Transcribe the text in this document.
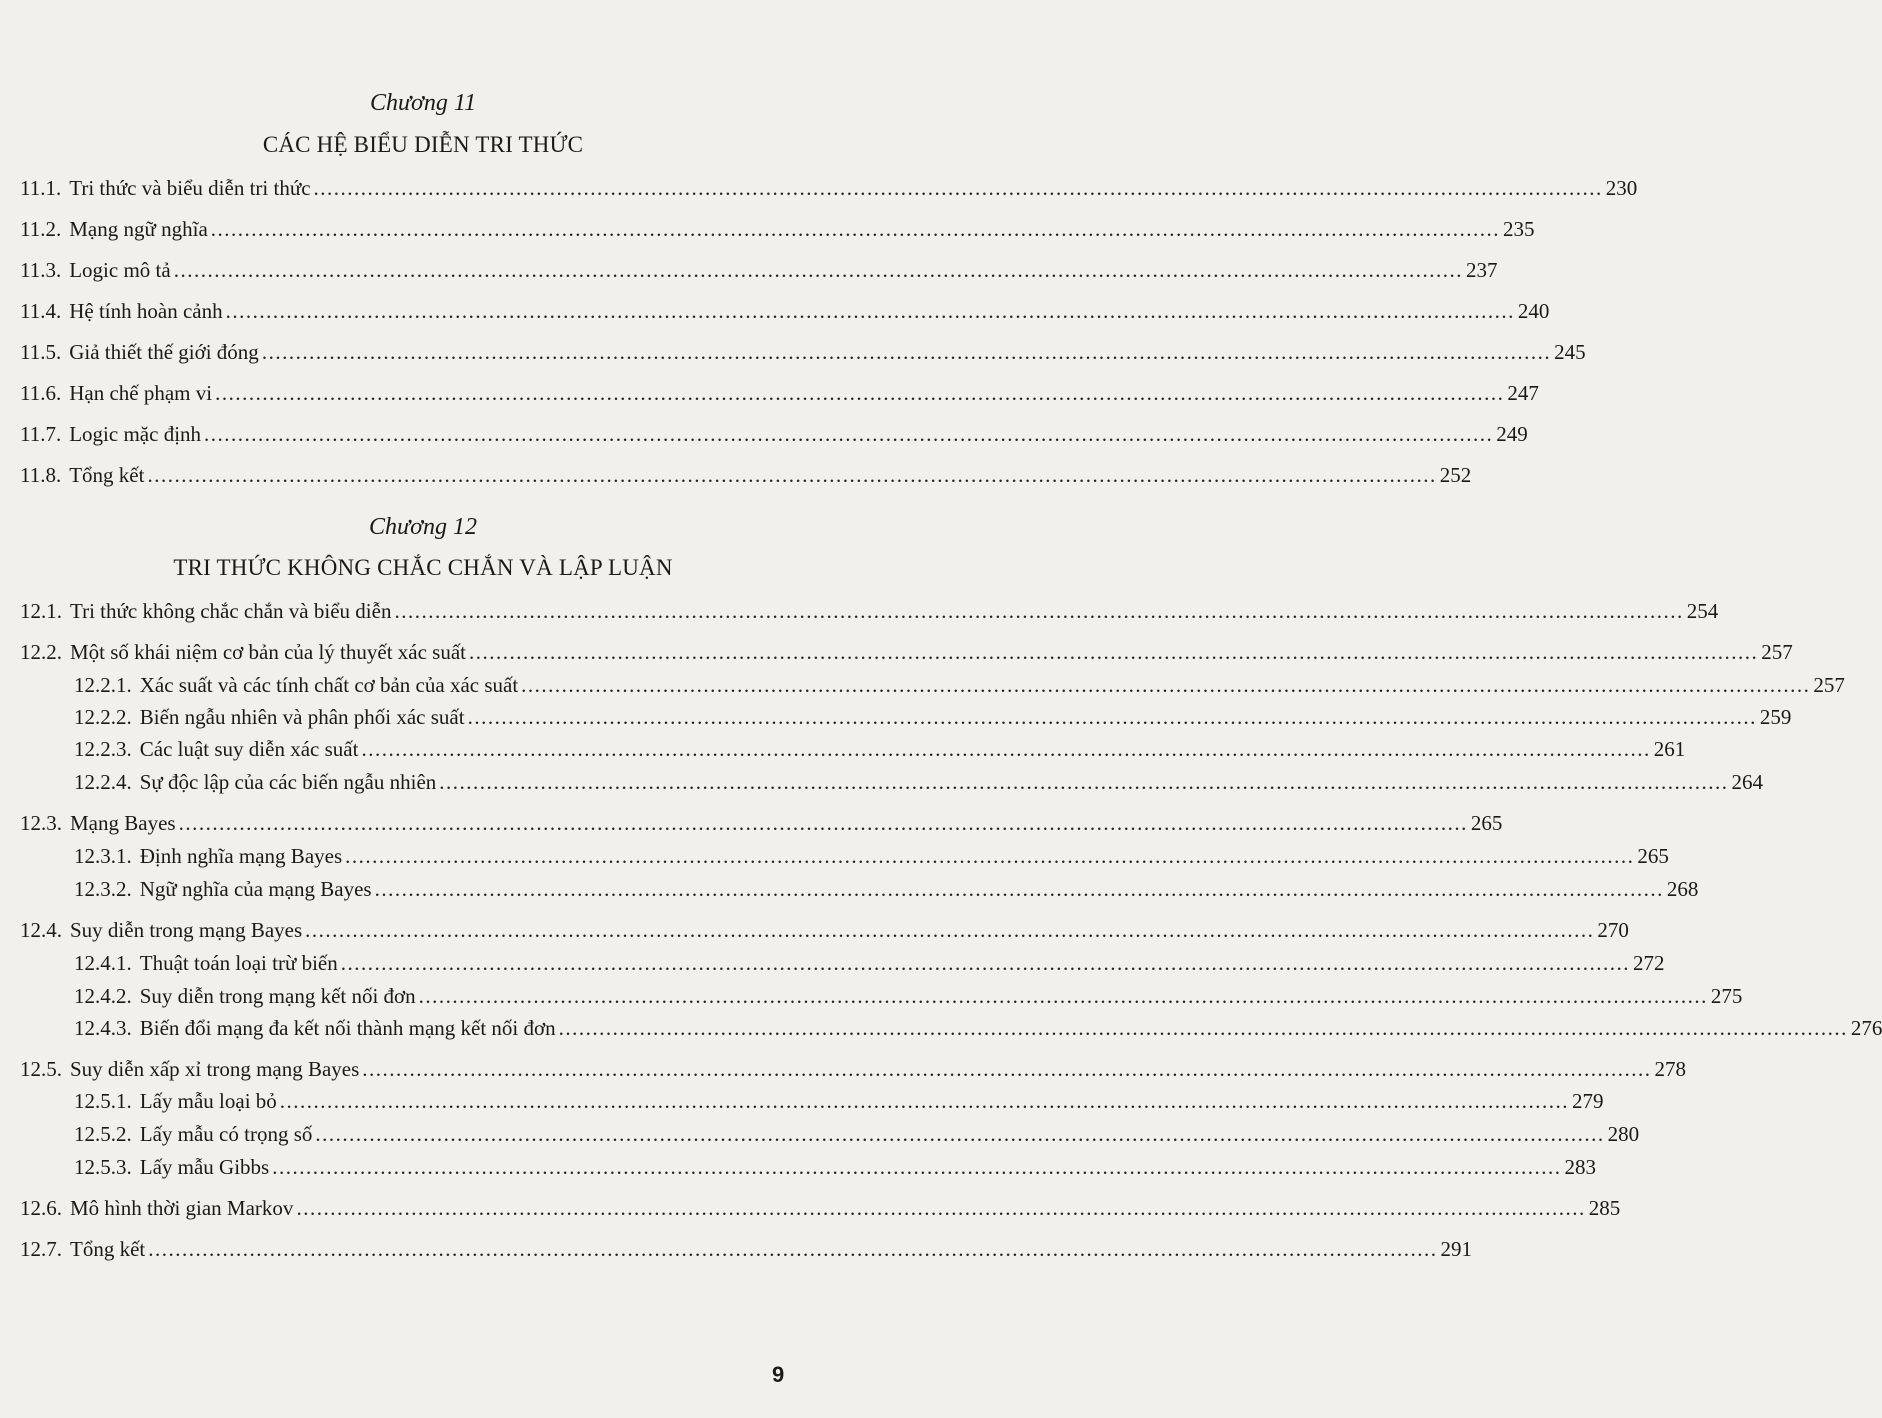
Chương 11
CÁC HỆ BIỂU DIỄN TRI THỨC
11.1. Tri thức và biểu diễn tri thức ............................................................................................................................................................................................... 230
11.2. Mạng ngữ nghĩa ............................................................................................................................................................................................... 235
11.3. Logic mô tả ............................................................................................................................................................................................... 237
11.4. Hệ tính hoàn cảnh ............................................................................................................................................................................................... 240
11.5. Giả thiết thế giới đóng ............................................................................................................................................................................................... 245
11.6. Hạn chế phạm vi ............................................................................................................................................................................................... 247
11.7. Logic mặc định ............................................................................................................................................................................................... 249
11.8. Tổng kết ............................................................................................................................................................................................... 252
Chương 12
TRI THỨC KHÔNG CHẮC CHẮN VÀ LẬP LUẬN
12.1. Tri thức không chắc chắn và biểu diễn ............................................................................................................................................................................................... 254
12.2. Một số khái niệm cơ bản của lý thuyết xác suất ............................................................................................................................................................................................... 257
12.2.1. Xác suất và các tính chất cơ bản của xác suất ............................................................................................................................................................................................... 257
12.2.2. Biến ngẫu nhiên và phân phối xác suất ............................................................................................................................................................................................... 259
12.2.3. Các luật suy diễn xác suất ............................................................................................................................................................................................... 261
12.2.4. Sự độc lập của các biến ngẫu nhiên ............................................................................................................................................................................................... 264
12.3. Mạng Bayes ............................................................................................................................................................................................... 265
12.3.1. Định nghĩa mạng Bayes ............................................................................................................................................................................................... 265
12.3.2. Ngữ nghĩa của mạng Bayes ............................................................................................................................................................................................... 268
12.4. Suy diễn trong mạng Bayes ............................................................................................................................................................................................... 270
12.4.1. Thuật toán loại trừ biến ............................................................................................................................................................................................... 272
12.4.2. Suy diễn trong mạng kết nối đơn ............................................................................................................................................................................................... 275
12.4.3. Biến đổi mạng đa kết nối thành mạng kết nối đơn ............................................................................................................................................................................................... 276
12.5. Suy diễn xấp xỉ trong mạng Bayes ............................................................................................................................................................................................... 278
12.5.1. Lấy mẫu loại bỏ ............................................................................................................................................................................................... 279
12.5.2. Lấy mẫu có trọng số ............................................................................................................................................................................................... 280
12.5.3. Lấy mẫu Gibbs ............................................................................................................................................................................................... 283
12.6. Mô hình thời gian Markov ............................................................................................................................................................................................... 285
12.7. Tổng kết ............................................................................................................................................................................................... 291
9
